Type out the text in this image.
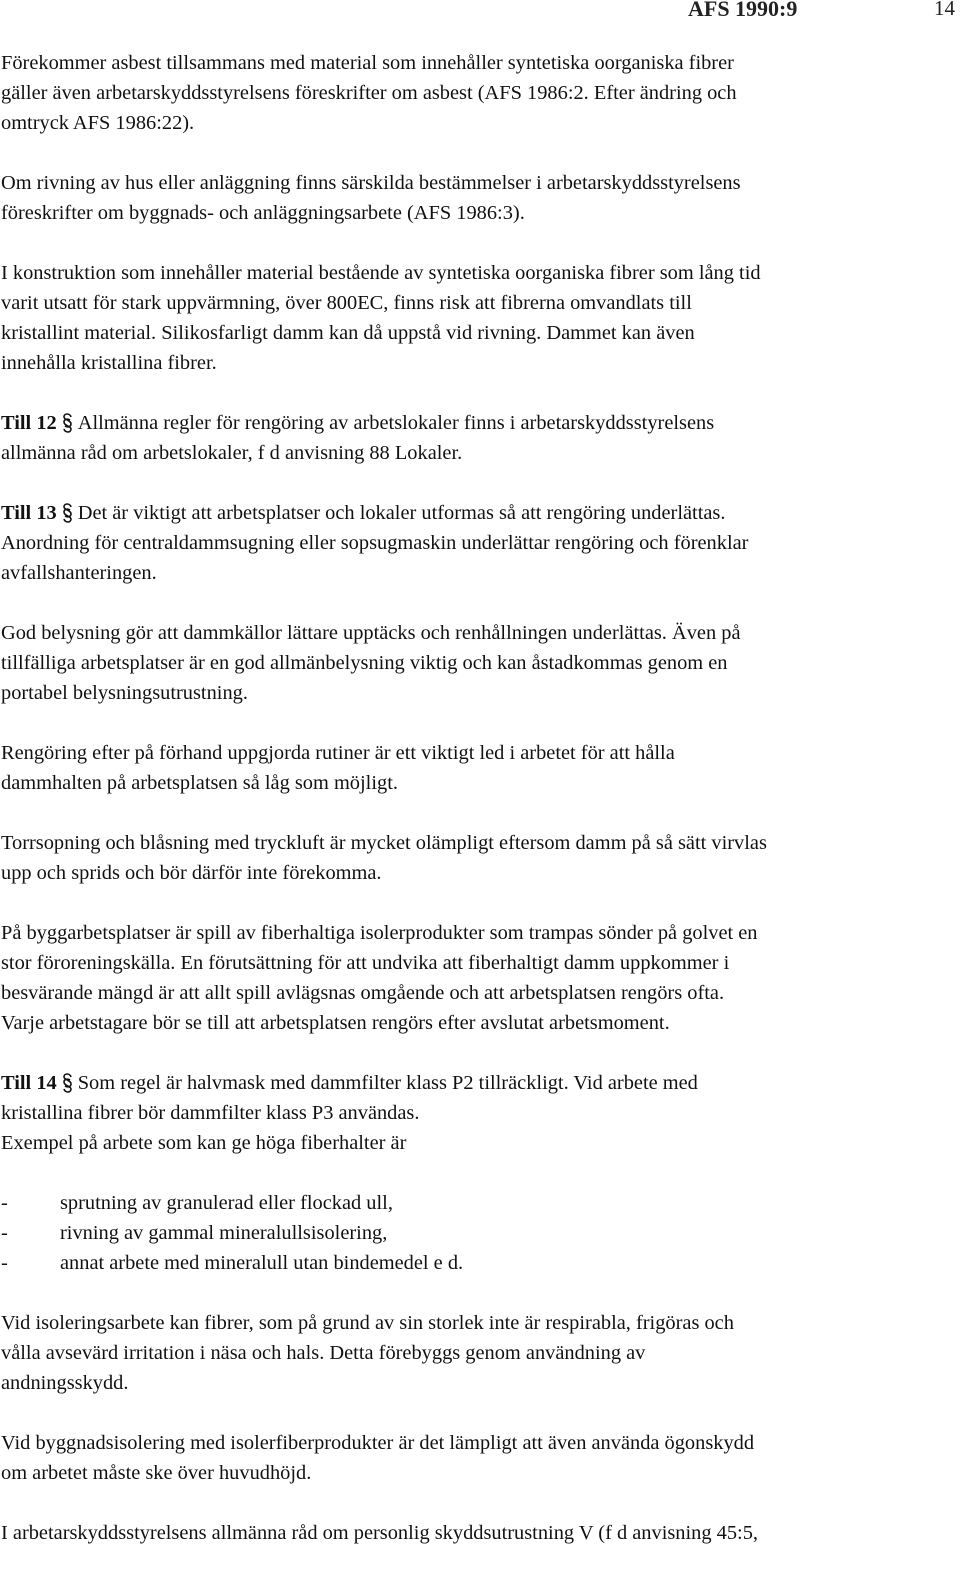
AFS 1990:9	14

Förekommer asbest tillsammans med material som innehåller syntetiska oorganiska fibrer
gäller även arbetarskyddsstyrelsens föreskrifter om asbest (AFS 1986:2. Efter ändring och
omtryck AFS 1986:22).

Om rivning av hus eller anläggning finns särskilda bestämmelser i arbetarskyddsstyrelsens
föreskrifter om byggnads- och anläggningsarbete (AFS 1986:3).

I konstruktion som innehåller material bestående av syntetiska oorganiska fibrer som lång tid
varit utsatt för stark uppvärmning, över 800EC, finns risk att fibrerna omvandlats till
kristallint material. Silikosfarligt damm kan då uppstå vid rivning. Dammet kan även
innehålla kristallina fibrer.

Till 12 Allmänna regler för rengöring av arbetslokaler finns i arbetarskyddsstyrelsens
allmänna råd om arbetslokaler, f d anvisning 88 Lokaler.

Till 13 Det är viktigt att arbetsplatser och lokaler utformas så att rengöring underlättas.
Anordning för centraldammsugning eller sopsugmaskin underlättar rengöring och förenklar
avfallshanteringen.

God belysning gör att dammkällor lättare upptäcks och renhållningen underlättas. Även på
tillfälliga arbetsplatser är en god allmänbelysning viktig och kan åstadkommas genom en
portabel belysningsutrustning.

Rengöring efter på förhand uppgjorda rutiner är ett viktigt led i arbetet för att hålla
dammhalten på arbetsplatsen så låg som möjligt.

Torrsopning och blåsning med tryckluft är mycket olämpligt eftersom damm på så sätt virvlas
upp och sprids och bör därför inte förekomma.

På byggarbetsplatser är spill av fiberhaltiga isolerprodukter som trampas sönder på golvet en
stor föroreningskälla. En förutsättning för att undvika att fiberhaltigt damm uppkommer i
besvärande mängd är att allt spill avlägsnas omgående och att arbetsplatsen rengörs ofta.
Varje arbetstagare bör se till att arbetsplatsen rengörs efter avslutat arbetsmoment.

Till 14 Som regel är halvmask med dammfilter klass P2 tillräckligt. Vid arbete med
kristallina fibrer bör dammfilter klass P3 användas.
Exempel på arbete som kan ge höga fiberhalter är

-	sprutning av granulerad eller flockad ull,
-	rivning av gammal mineralullsisolering,
-	annat arbete med mineralull utan bindemedel e d.

Vid isoleringsarbete kan fibrer, som på grund av sin storlek inte är respirabla, frigöras och
vålla avsevärd irritation i näsa och hals. Detta förebyggs genom användning av
andningsskydd.

Vid byggnadsisolering med isolerfiberprodukter är det lämpligt att även använda ögonskydd
om arbetet måste ske över huvudhöjd.

I arbetarskyddsstyrelsens allmänna råd om personlig skyddsutrustning V (f d anvisning 45:5,
